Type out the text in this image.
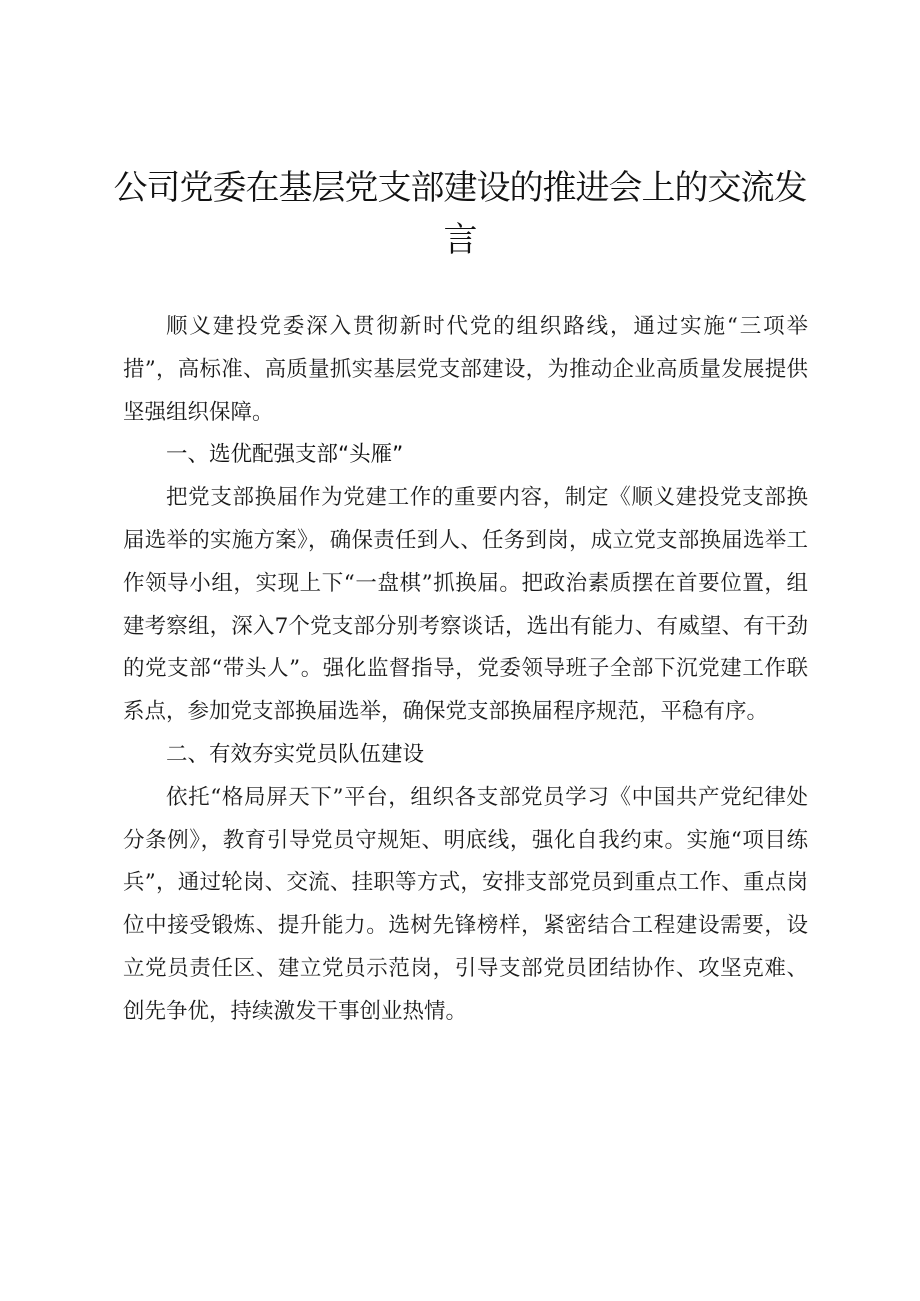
公司党委在基层党支部建设的推进会上的交流发言

顺义建投党委深入贯彻新时代党的组织路线，通过实施“三项举措”，高标准、高质量抓实基层党支部建设，为推动企业高质量发展提供坚强组织保障。

一、选优配强支部“头雁”

把党支部换届作为党建工作的重要内容，制定《顺义建投党支部换届选举的实施方案》，确保责任到人、任务到岗，成立党支部换届选举工作领导小组，实现上下“一盘棋”抓换届。把政治素质摆在首要位置，组建考察组，深入7个党支部分别考察谈话，选出有能力、有威望、有干劲的党支部“带头人”。强化监督指导，党委领导班子全部下沉党建工作联系点，参加党支部换届选举，确保党支部换届程序规范，平稳有序。

二、有效夯实党员队伍建设

依托“格局屏天下”平台，组织各支部党员学习《中国共产党纪律处分条例》，教育引导党员守规矩、明底线，强化自我约束。实施“项目练兵”，通过轮岗、交流、挂职等方式，安排支部党员到重点工作、重点岗位中接受锻炼、提升能力。选树先锋榜样，紧密结合工程建设需要，设立党员责任区、建立党员示范岗，引导支部党员团结协作、攻坚克难、创先争优，持续激发干事创业热情。
